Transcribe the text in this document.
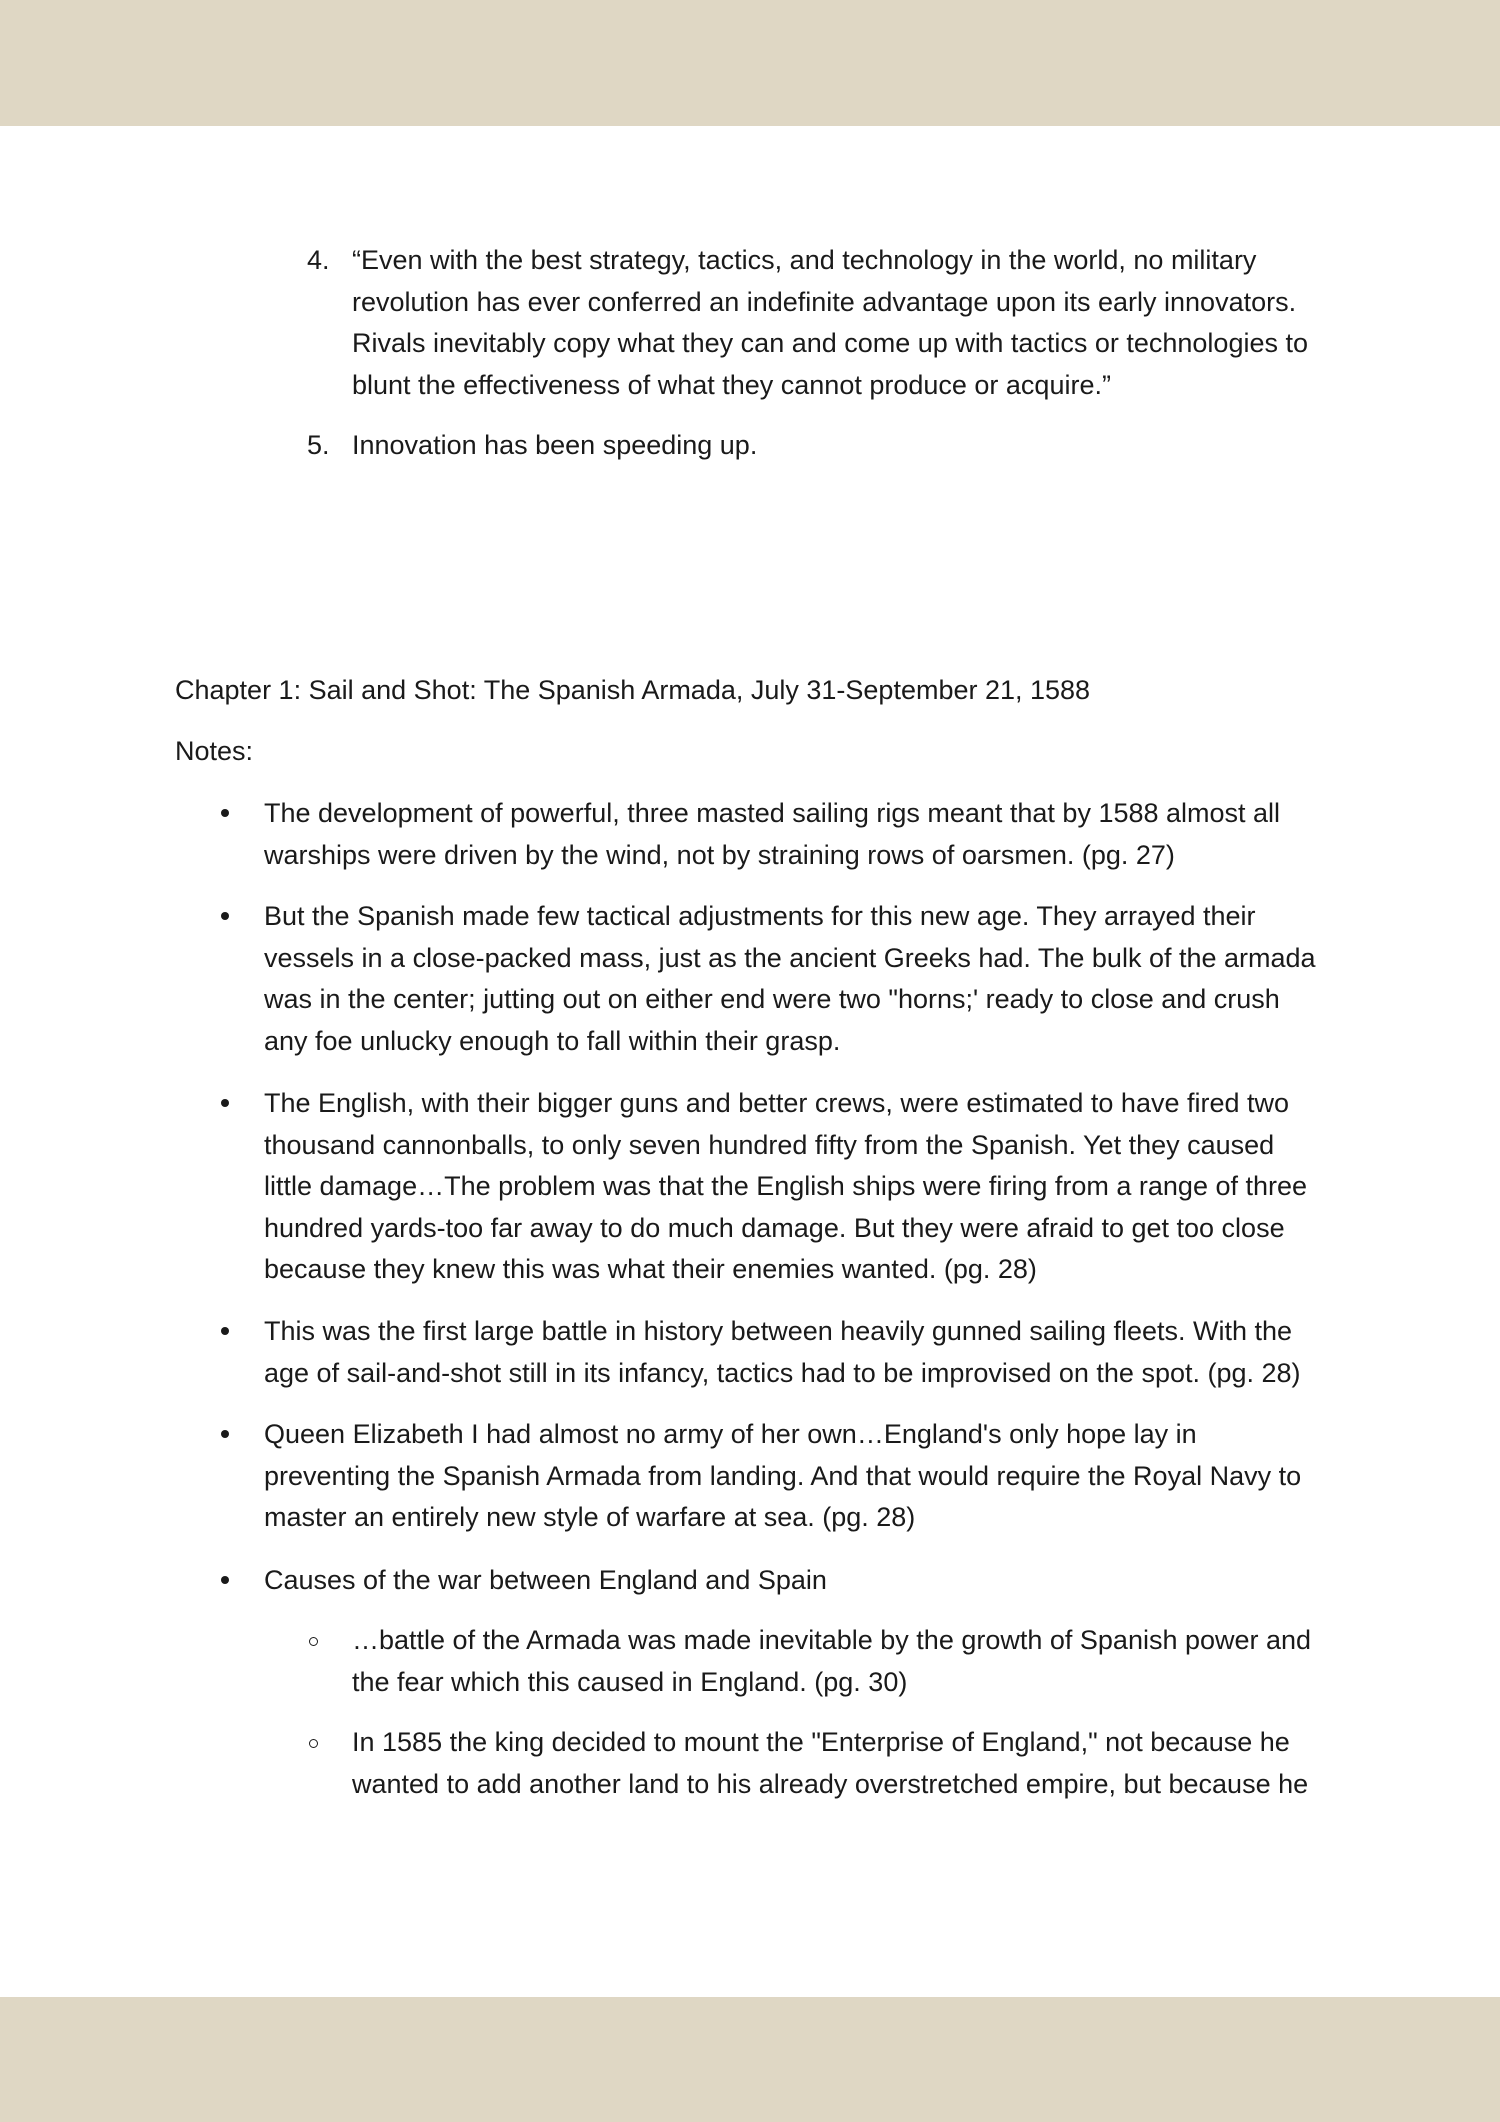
4. “Even with the best strategy, tactics, and technology in the world, no military revolution has ever conferred an indefinite advantage upon its early innovators. Rivals inevitably copy what they can and come up with tactics or technologies to blunt the effectiveness of what they cannot produce or acquire.”
5. Innovation has been speeding up.
Chapter 1: Sail and Shot: The Spanish Armada, July 31-September 21, 1588
Notes:
The development of powerful, three masted sailing rigs meant that by 1588 almost all warships were driven by the wind, not by straining rows of oarsmen. (pg. 27)
But the Spanish made few tactical adjustments for this new age. They arrayed their vessels in a close-packed mass, just as the ancient Greeks had. The bulk of the armada was in the center; jutting out on either end were two "horns;' ready to close and crush any foe unlucky enough to fall within their grasp.
The English, with their bigger guns and better crews, were estimated to have fired two thousand cannonballs, to only seven hundred fifty from the Spanish. Yet they caused little damage…The problem was that the English ships were firing from a range of three hundred yards-too far away to do much damage. But they were afraid to get too close because they knew this was what their enemies wanted. (pg. 28)
This was the first large battle in history between heavily gunned sailing fleets. With the age of sail-and-shot still in its infancy, tactics had to be improvised on the spot. (pg. 28)
Queen Elizabeth I had almost no army of her own…England's only hope lay in preventing the Spanish Armada from landing. And that would require the Royal Navy to master an entirely new style of warfare at sea. (pg. 28)
Causes of the war between England and Spain
…battle of the Armada was made inevitable by the growth of Spanish power and the fear which this caused in England. (pg. 30)
In 1585 the king decided to mount the "Enterprise of England," not because he wanted to add another land to his already overstretched empire, but because he
